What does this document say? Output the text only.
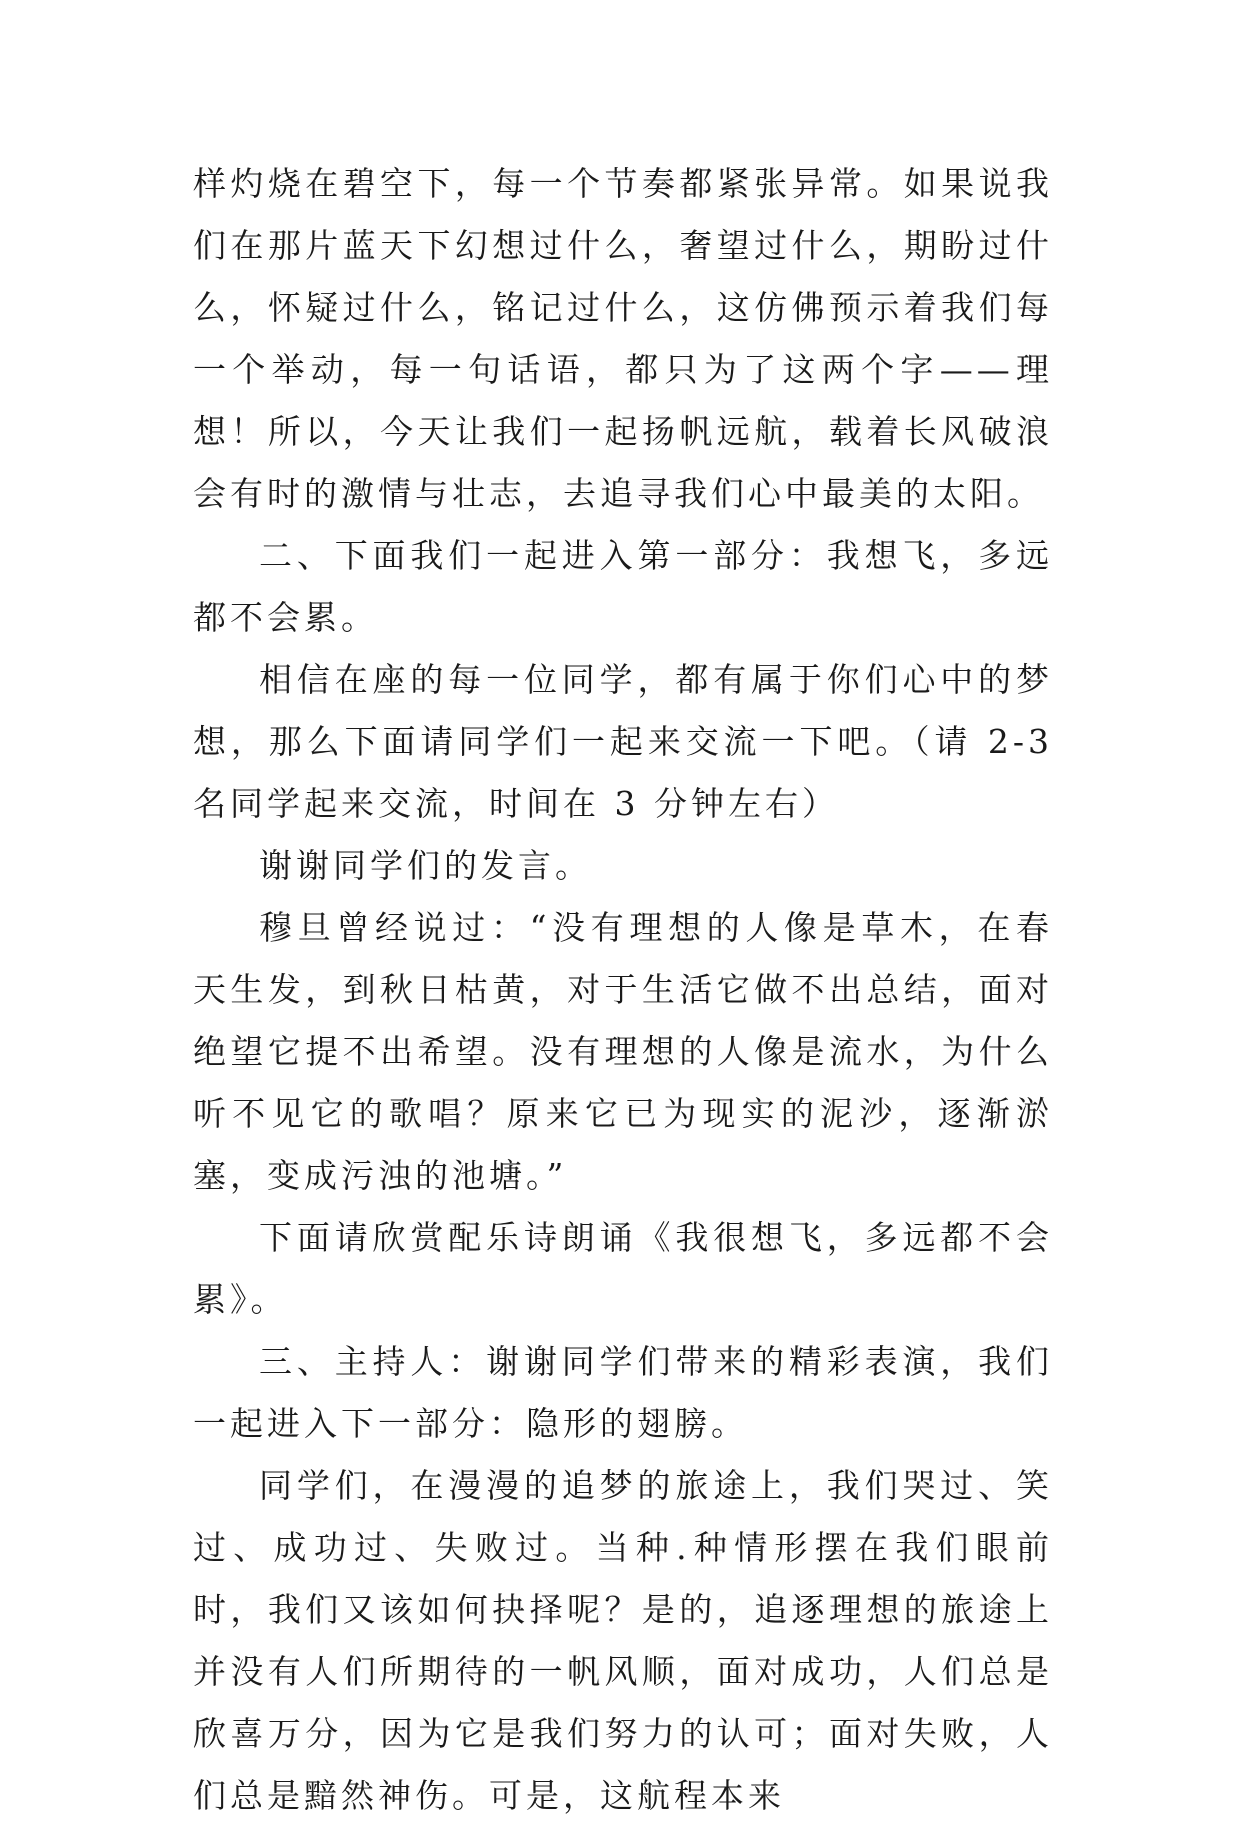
样灼烧在碧空下，每一个节奏都紧张异常。如果说我们在那片蓝天下幻想过什么，奢望过什么，期盼过什么，怀疑过什么，铭记过什么，这仿佛预示着我们每一个举动，每一句话语，都只为了这两个字——理想！所以，今天让我们一起扬帆远航，载着长风破浪会有时的激情与壮志，去追寻我们心中最美的太阳。

二、下面我们一起进入第一部分：我想飞，多远都不会累。

相信在座的每一位同学，都有属于你们心中的梦想，那么下面请同学们一起来交流一下吧。（请 2-3 名同学起来交流，时间在 3 分钟左右）

谢谢同学们的发言。

穆旦曾经说过：“没有理想的人像是草木，在春天生发，到秋日枯黄，对于生活它做不出总结，面对绝望它提不出希望。没有理想的人像是流水，为什么听不见它的歌唱？原来它已为现实的泥沙，逐渐淤塞，变成污浊的池塘。”

下面请欣赏配乐诗朗诵《我很想飞，多远都不会累》。

三、主持人：谢谢同学们带来的精彩表演，我们一起进入下一部分：隐形的翅膀。

同学们，在漫漫的追梦的旅途上，我们哭过、笑过、成功过、失败过。当种.种情形摆在我们眼前时，我们又该如何抉择呢？是的，追逐理想的旅途上并没有人们所期待的一帆风顺，面对成功，人们总是欣喜万分，因为它是我们努力的认可；面对失败，人们总是黯然神伤。可是，这航程本来
